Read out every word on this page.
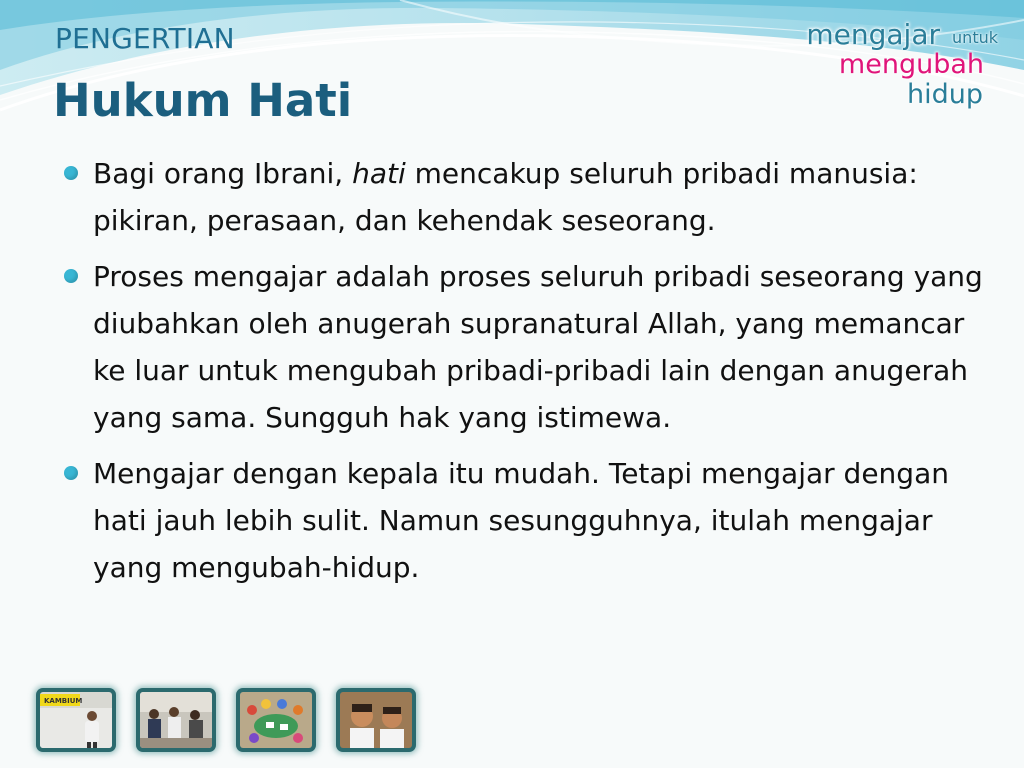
PENGERTIAN
Hukum Hati
mengajar untuk
mengubah
hidup
Bagi orang Ibrani, hati mencakup seluruh pribadi manusia: pikiran, perasaan, dan kehendak seseorang.
Proses mengajar adalah proses seluruh pribadi seseorang yang diubahkan oleh anugerah supranatural Allah, yang memancar ke luar untuk mengubah pribadi-pribadi lain dengan anugerah yang sama. Sungguh hak yang istimewa.
Mengajar dengan kepala itu mudah. Tetapi mengajar dengan hati jauh lebih sulit. Namun sesungguhnya, itulah mengajar yang mengubah-hidup.
KAMBIUM
